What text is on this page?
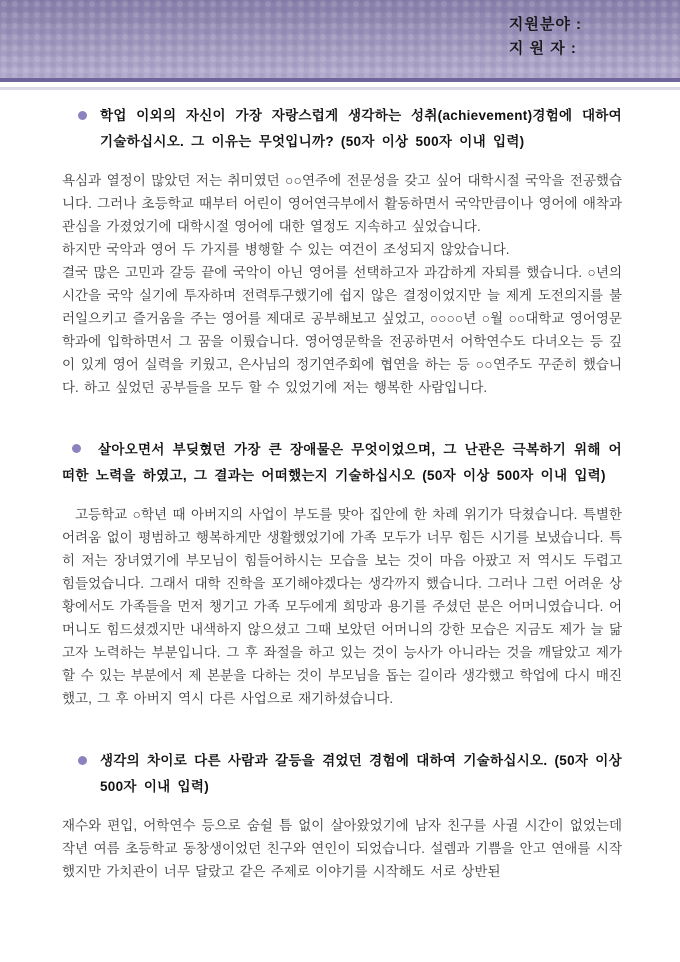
지원분야 :
지 원 자 :
학업 이외의 자신이 가장 자랑스럽게 생각하는 성취(achievement)경험에 대하여 기술하십시오. 그 이유는 무엇입니까? (50자 이상 500자 이내 입력)

욕심과 열정이 많았던 저는 취미였던 ○○연주에 전문성을 갖고 싶어 대학시절 국악을 전공했습니다. 그러나 초등학교 때부터 어린이 영어연극부에서 활동하면서 국악만큼이나 영어에 애착과 관심을 가졌었기에 대학시절 영어에 대한 열정도 지속하고 싶었습니다.

하지만 국악과 영어 두 가지를 병행할 수 있는 여건이 조성되지 않았습니다.

결국 많은 고민과 갈등 끝에 국악이 아닌 영어를 선택하고자 과감하게 자퇴를 했습니다. ○년의 시간을 국악 실기에 투자하며 전력투구했기에 쉽지 않은 결정이었지만 늘 제게 도전의지를 불러일으키고 즐거움을 주는 영어를 제대로 공부해보고 싶었고, ○○○○년 ○월 ○○대학교 영어영문학과에 입학하면서 그 꿈을 이뤘습니다. 영어영문학을 전공하면서 어학연수도 다녀오는 등 깊이 있게 영어 실력을 키웠고, 은사님의 정기연주회에 협연을 하는 등 ○○연주도 꾸준히 했습니다. 하고 싶었던 공부들을 모두 할 수 있었기에 저는 행복한 사람입니다.

살아오면서 부딪혔던 가장 큰 장애물은 무엇이었으며, 그 난관은 극복하기 위해 어떠한 노력을 하였고, 그 결과는 어떠했는지 기술하십시오 (50자 이상 500자 이내 입력)

고등학교 ○학년 때 아버지의 사업이 부도를 맞아 집안에 한 차례 위기가 닥쳤습니다. 특별한 어려움 없이 평범하고 행복하게만 생활했었기에 가족 모두가 너무 힘든 시기를 보냈습니다. 특히 저는 장녀였기에 부모님이 힘들어하시는 모습을 보는 것이 마음 아팠고 저 역시도 두렵고 힘들었습니다. 그래서 대학 진학을 포기해야겠다는 생각까지 했습니다. 그러나 그런 어려운 상황에서도 가족들을 먼저 챙기고 가족 모두에게 희망과 용기를 주셨던 분은 어머니였습니다. 어머니도 힘드셨겠지만 내색하지 않으셨고 그때 보았던 어머니의 강한 모습은 지금도 제가 늘 닮고자 노력하는 부분입니다. 그 후 좌절을 하고 있는 것이 능사가 아니라는 것을 깨달았고 제가 할 수 있는 부분에서 제 본분을 다하는 것이 부모님을 돕는 길이라 생각했고 학업에 다시 매진했고, 그 후 아버지 역시 다른 사업으로 재기하셨습니다.

생각의 차이로 다른 사람과 갈등을 겪었던 경험에 대하여 기술하십시오. (50자 이상 500자 이내 입력)

재수와 편입, 어학연수 등으로 숨쉴 틈 없이 살아왔었기에 남자 친구를 사귈 시간이 없었는데 작년 여름 초등학교 동창생이었던 친구와 연인이 되었습니다. 설렘과 기쁨을 안고 연애를 시작했지만 가치관이 너무 달랐고 같은 주제로 이야기를 시작해도 서로 상반된
